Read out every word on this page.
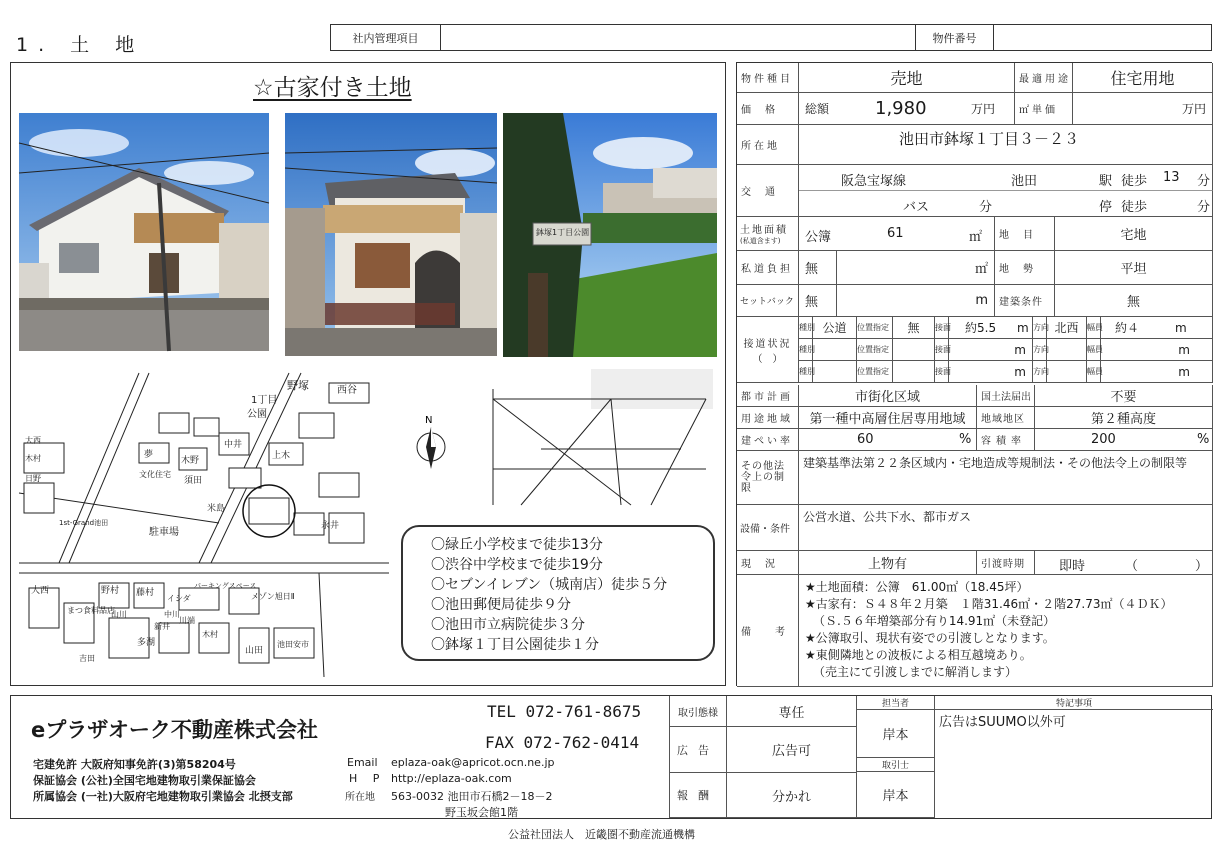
1. 土 地	社内管理項目	物件番号
☆古家付き土地
鉢塚1丁目公園
野塚	西谷
公園
1丁目
大西
木村
日野
夢
中井
木野	上木
文化住宅
須田
米島
駐車場
永井
1st-Grand池田
メゾン旭日Ⅱ
パーキングスペース
野村 藤村
イシダ
大西
多湖
山田
池田安市
まつ食料品店
山川	中川
新井
川端
木村
吉田
N
〇緑丘小学校まで徒歩13分
〇渋谷中学校まで徒歩19分
〇セブンイレブン（城南店）徒歩５分
〇池田郵便局徒歩９分
〇池田市立病院徒歩３分
〇鉢塚１丁目公園徒歩１分
物件種目	売地	最適用途	住宅用地
価格	総額	1,980	万円	㎡単価	万円
所在地	池田市鉢塚１丁目３－２３
交通
阪急宝塚線	池田	駅 徒歩 13 分
バス	分	停 徒歩	分
土地面積
(私道含ます) 公簿	61	㎡	地目	宅地
私道負担 無	㎡	地勢	平坦
セットバック 無	m	建築条件	無
接道状況
（　）
種別 公道	位置指定	無	接面 約5.5	m 方向 北西	幅員 約４	m
種別	位置指定	接面	m 方向	幅員	m
種別	位置指定	接面	m 方向	幅員	m
都市計画	市街化区域	国土法届出	不要
用途地域	第一種中高層住居専用地域	地域地区	第２種高度
建ぺい率	60	% 容積率	200	%
その他法令上の制限
建築基準法第２２条区域内・宅地造成等規制法・その他法令上の制限等
設備・条件
公営水道、公共下水、都市ガス
現況	上物有	引渡時期	即時	（	）
備考
★土地面積：公簿　61.00㎡（18.45坪）
★古家有：Ｓ４８年２月築　１階31.46㎡・２階27.73㎡（４ＤＫ）
（Ｓ.５６年増築部分有り14.91㎡（未登記）
★公簿取引、現状有姿での引渡しとなります。
★東側隣地との波板による相互越境あり。
（売主にて引渡しまでに解消します）
eプラザオーク不動産株式会社
TEL 072-761-8675
FAX 072-762-0414
宅建免許 大阪府知事免許(3)第58204号
保証協会 (公社)全国宅地建物取引業保証協会
所属協会 (一社)大阪府宅地建物取引業協会 北摂支部
Email eplaza-oak@apricot.ocn.ne.jp
H P http://eplaza-oak.com
所在地 563-0032 池田市石橋2－18－2
野玉坂会館1階
取引態様	専任
広告	広告可
報酬	分かれ
担当者
岸本
取引士
岸本
特記事項
広告はSUUMO以外可
公益社団法人　近畿圏不動産流通機構
